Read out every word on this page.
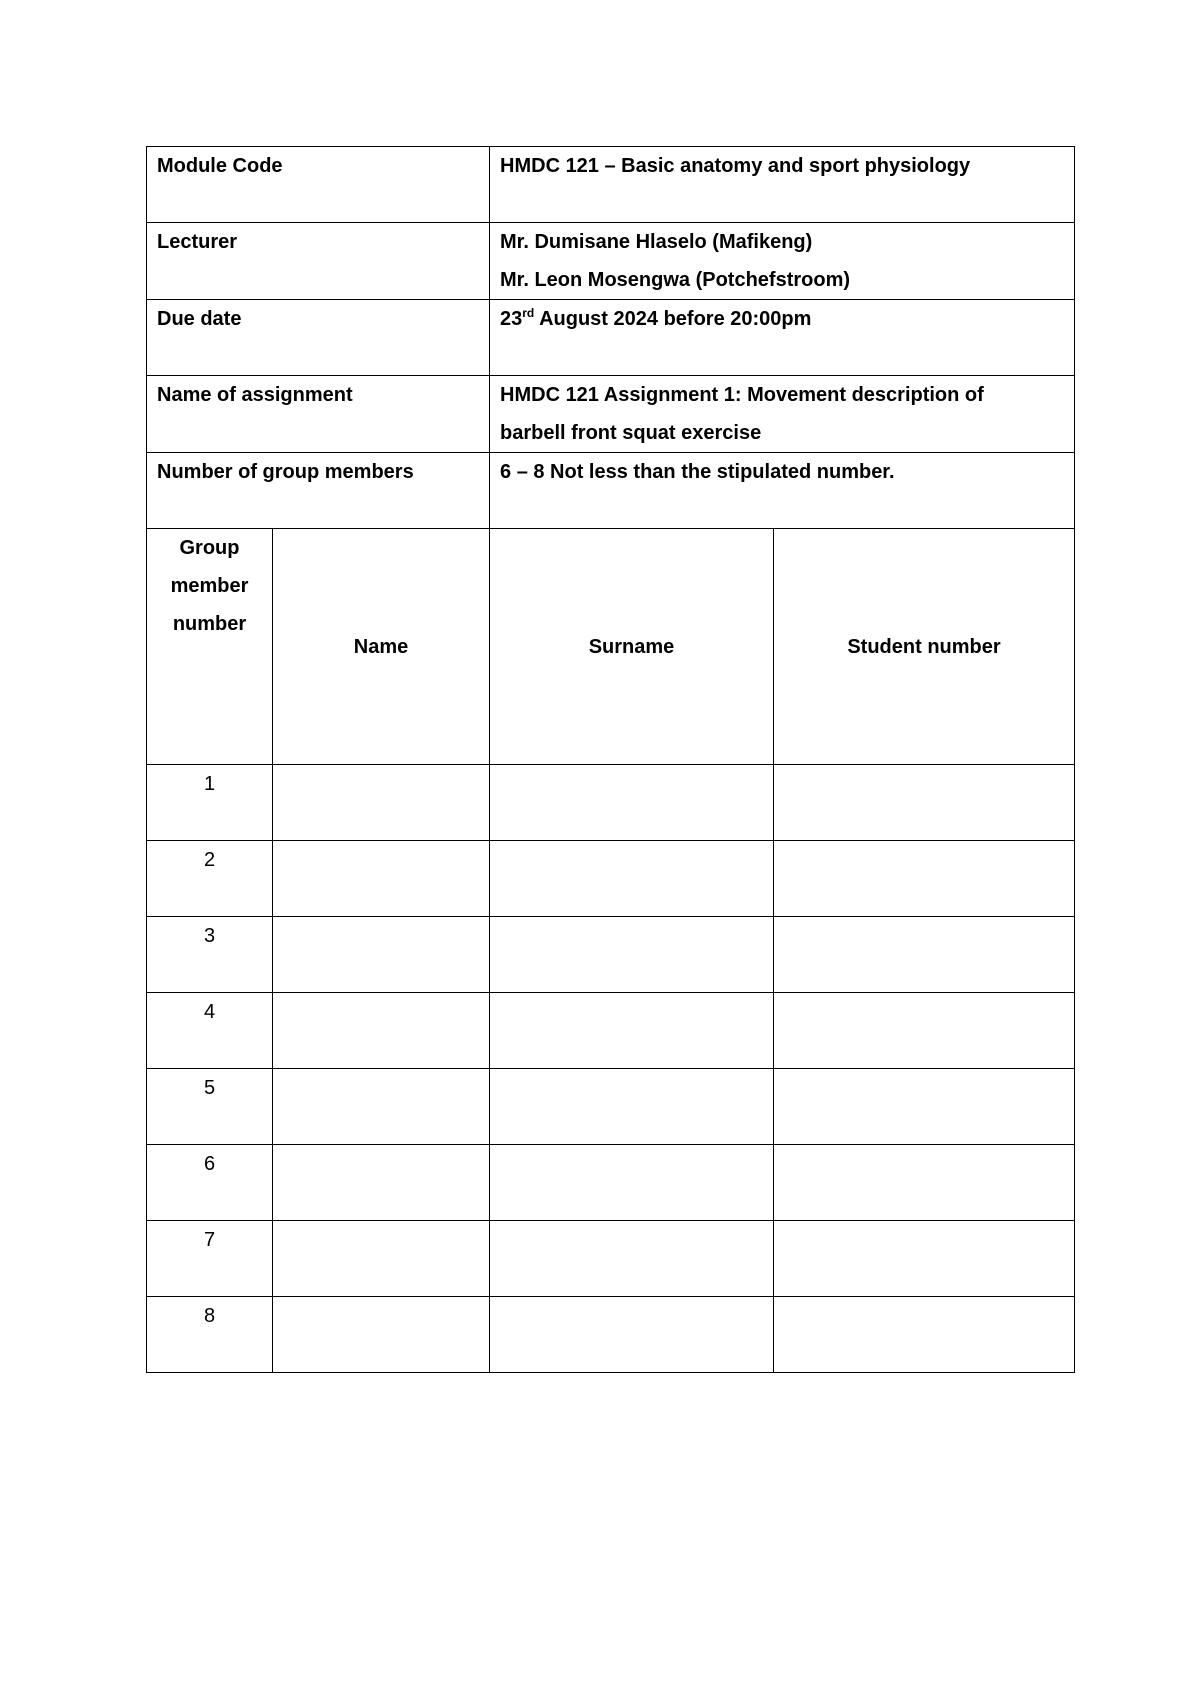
Module Code		HMDC 121 – Basic anatomy and sport physiology	

Lecturer		Mr. Dumisane Hlaselo (Mafikeng)
Mr. Leon Mosengwa (Potchefstroom)	

Due date		23rd August 2024 before 20:00pm	

Name of assignment		HMDC 121 Assignment 1: Movement description of
barbell front squat exercise	

Number of group members		6 – 8 Not less than the stipulated number.	

Group
member
number	Name	Surname	Student number
1			
2			
3			
4			
5			
6			
7			
8			
